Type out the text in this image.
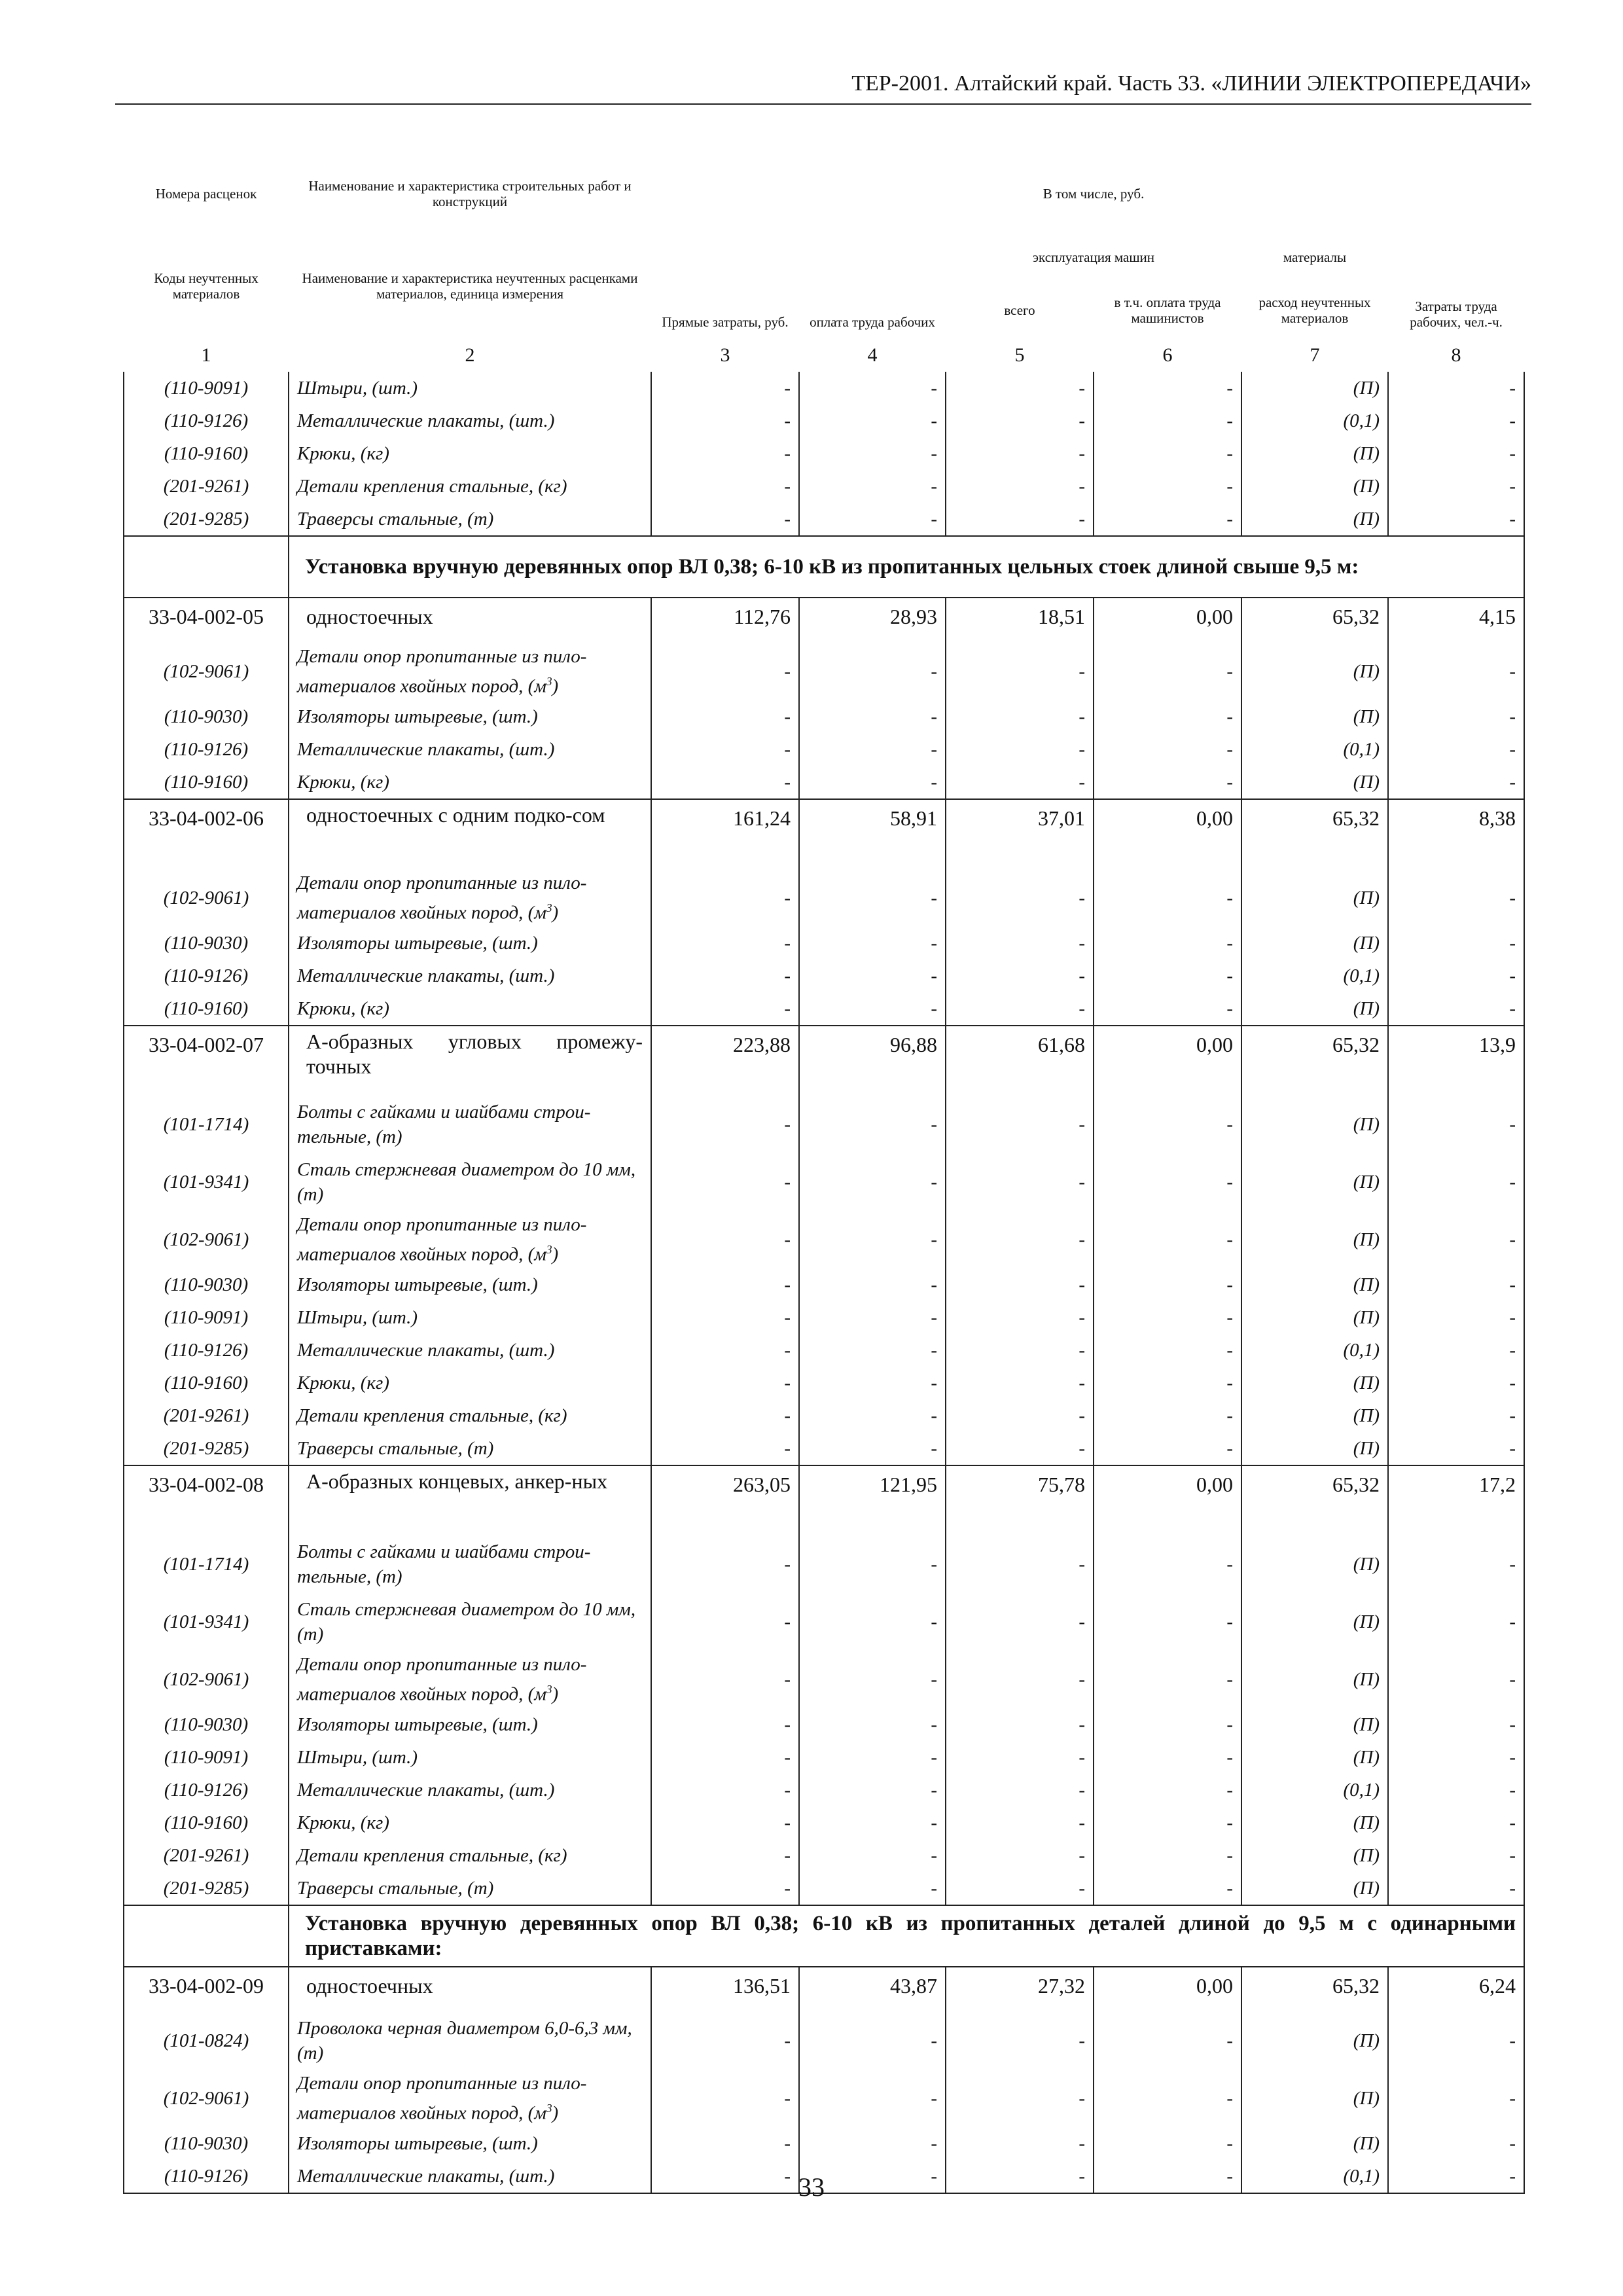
ТЕР-2001. Алтайский край. Часть 33. «ЛИНИИ ЭЛЕКТРОПЕРЕДАЧИ»
Номера расценок	Наименование и характеристика строительных работ и конструкций	Прямые затраты, руб.	В том числе, руб.				Затраты труда рабочих, чел.-ч.
Коды неучтенных материалов	Наименование и характеристика неучтенных расценками материалов, единица измерения		оплата труда рабочих	эксплуатация машин		материалы	
				всего	в т.ч. оплата труда машинистов	расход неучтенных материалов	
1	2	3	4	5	6	7	8
(110-9091)	Штыри, (шт.)	-	-	-	-	(П)	-
(110-9126)	Металлические плакаты, (шт.)	-	-	-	-	(0,1)	-
(110-9160)	Крюки, (кг)	-	-	-	-	(П)	-
(201-9261)	Детали крепления стальные, (кг)	-	-	-	-	(П)	-
(201-9285)	Траверсы стальные, (т)	-	-	-	-	(П)	-
	Установка вручную деревянных опор ВЛ 0,38; 6-10 кВ из пропитанных цельных стоек длиной свыше 9,5 м:						
33-04-002-05	одностоечных	112,76	28,93	18,51	0,00	65,32	4,15
(102-9061)	Детали опор пропитанные из пило-материалов хвойных пород, $(м^3)$	-	-	-	-	(П)	-
(110-9030)	Изоляторы штыревые, (шт.)	-	-	-	-	(П)	-
(110-9126)	Металлические плакаты, (шт.)	-	-	-	-	(0,1)	-
(110-9160)	Крюки, (кг)	-	-	-	-	(П)	-
33-04-002-06	одностоечных с одним подко-сом	161,24	58,91	37,01	0,00	65,32	8,38
(102-9061)	Детали опор пропитанные из пило-материалов хвойных пород, $(м^3)$	-	-	-	-	(П)	-
(110-9030)	Изоляторы штыревые, (шт.)	-	-	-	-	(П)	-
(110-9126)	Металлические плакаты, (шт.)	-	-	-	-	(0,1)	-
(110-9160)	Крюки, (кг)	-	-	-	-	(П)	-
33-04-002-07	А-образных угловых промежу-точных	223,88	96,88	61,68	0,00	65,32	13,9
(101-1714)	Болты с гайками и шайбами строи-тельные, (т)	-	-	-	-	(П)	-
(101-9341)	Сталь стержневая диаметром до 10 мм, (т)	-	-	-	-	(П)	-
(102-9061)	Детали опор пропитанные из пило-материалов хвойных пород, $(м^3)$	-	-	-	-	(П)	-
(110-9030)	Изоляторы штыревые, (шт.)	-	-	-	-	(П)	-
(110-9091)	Штыри, (шт.)	-	-	-	-	(П)	-
(110-9126)	Металлические плакаты, (шт.)	-	-	-	-	(0,1)	-
(110-9160)	Крюки, (кг)	-	-	-	-	(П)	-
(201-9261)	Детали крепления стальные, (кг)	-	-	-	-	(П)	-
(201-9285)	Траверсы стальные, (т)	-	-	-	-	(П)	-
33-04-002-08	А-образных концевых, анкер-ных	263,05	121,95	75,78	0,00	65,32	17,2
(101-1714)	Болты с гайками и шайбами строи-тельные, (т)	-	-	-	-	(П)	-
(101-9341)	Сталь стержневая диаметром до 10 мм, (т)	-	-	-	-	(П)	-
(102-9061)	Детали опор пропитанные из пило-материалов хвойных пород, $(м^3)$	-	-	-	-	(П)	-
(110-9030)	Изоляторы штыревые, (шт.)	-	-	-	-	(П)	-
(110-9091)	Штыри, (шт.)	-	-	-	-	(П)	-
(110-9126)	Металлические плакаты, (шт.)	-	-	-	-	(0,1)	-
(110-9160)	Крюки, (кг)	-	-	-	-	(П)	-
(201-9261)	Детали крепления стальные, (кг)	-	-	-	-	(П)	-
(201-9285)	Траверсы стальные, (т)	-	-	-	-	(П)	-
	Установка вручную деревянных опор ВЛ 0,38; 6-10 кВ из пропитанных деталей длиной до 9,5 м с одинарными приставками:						
33-04-002-09	одностоечных	136,51	43,87	27,32	0,00	65,32	6,24
(101-0824)	Проволока черная диаметром 6,0-6,3 мм, (т)	-	-	-	-	(П)	-
(102-9061)	Детали опор пропитанные из пило-материалов хвойных пород, $(м^3)$	-	-	-	-	(П)	-
(110-9030)	Изоляторы штыревые, (шт.)	-	-	-	-	(П)	-
(110-9126)	Металлические плакаты, (шт.)	-	-	-	-	(0,1)	-
33
